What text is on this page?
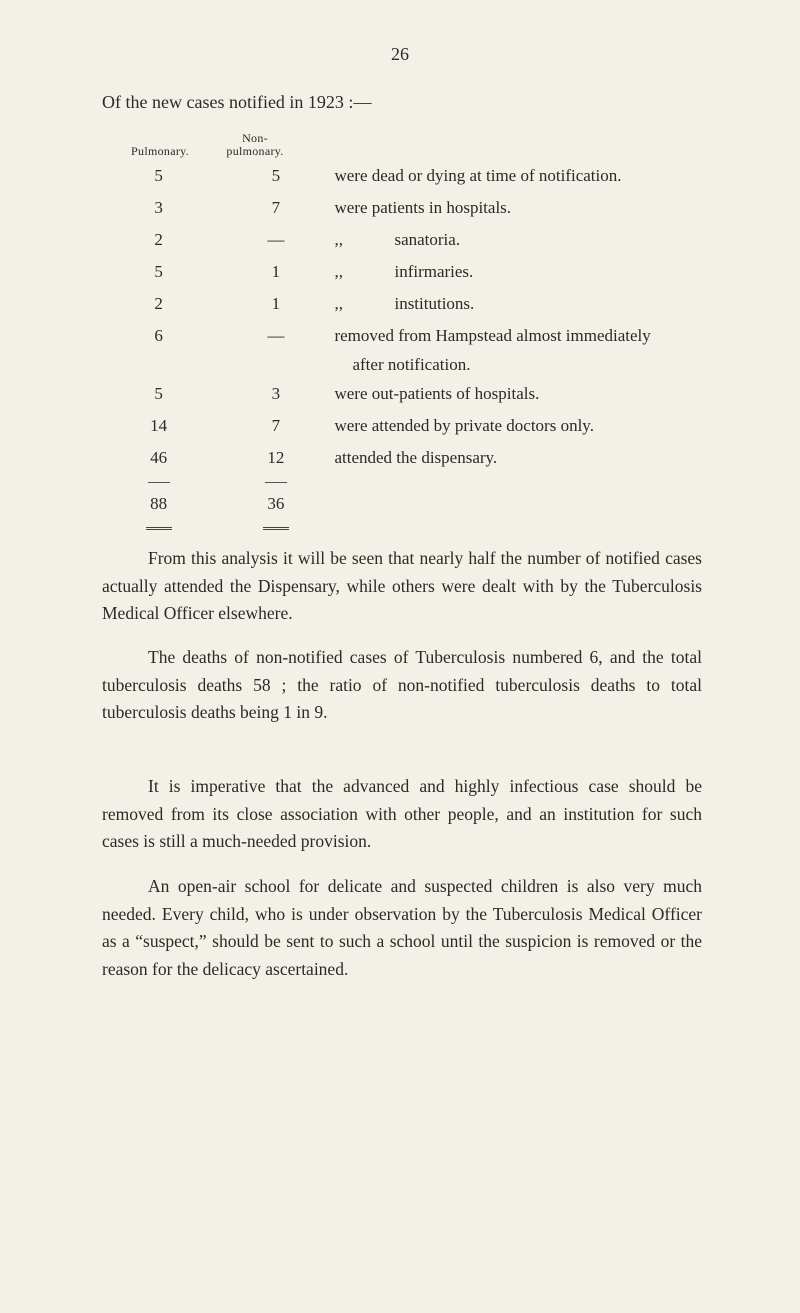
26
Of the new cases notified in 1923 :—
Pulmonary.
Non-
pulmonary.
5	5	were dead or dying at time of notification.
3	7	were patients in hospitals.
2	—	,, sanatoria.
5	1	,, infirmaries.
2	1	,, institutions.
6	—	removed from Hampstead almost immediately
after notification.

5	3	were out-patients of hospitals.
14	7	were attended by private doctors only.
46	12	attended the dispensary.

88	36	

From this analysis it will be seen that nearly half the number of notified cases actually attended the Dispensary, while others were dealt with by the Tuberculosis Medical Officer elsewhere.

The deaths of non-notified cases of Tuberculosis numbered 6, and the total tuberculosis deaths 58 ; the ratio of non-notified tuberculosis deaths to total tuberculosis deaths being 1 in 9.

It is imperative that the advanced and highly infectious case should be removed from its close association with other people, and an institution for such cases is still a much-needed provision.

An open-air school for delicate and suspected children is also very much needed. Every child, who is under observation by the Tuberculosis Medical Officer as a “suspect,” should be sent to such a school until the suspicion is removed or the reason for the delicacy ascertained.
